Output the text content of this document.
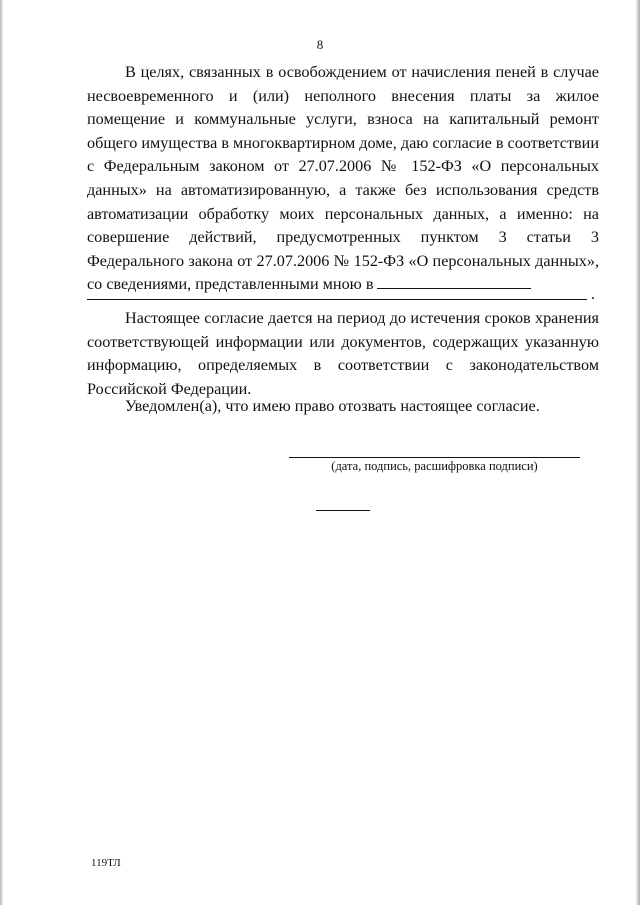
8

В целях, связанных в освобождением от начисления пеней в случае несвоевременного и (или) неполного внесения платы за жилое помещение и коммунальные услуги, взноса на капитальный ремонт общего имущества в многоквартирном доме, даю согласие в соответствии с Федеральным законом от 27.07.2006 № 152-ФЗ «О персональных данных» на автоматизированную, а также без использования средств автоматизации обработку моих персональных данных, а именно: на совершение действий, предусмотренных пунктом 3 статьи 3 Федерального закона от 27.07.2006 № 152-ФЗ «О персональных данных», со сведениями, представленными мною в

.

Настоящее согласие дается на период до истечения сроков хранения соответствующей информации или документов, содержащих указанную информацию, определяемых в соответствии с законодательством Российской Федерации.

Уведомлен(а), что имею право отозвать настоящее согласие.

(дата, подпись, расшифровка подписи)
119ТЛ
